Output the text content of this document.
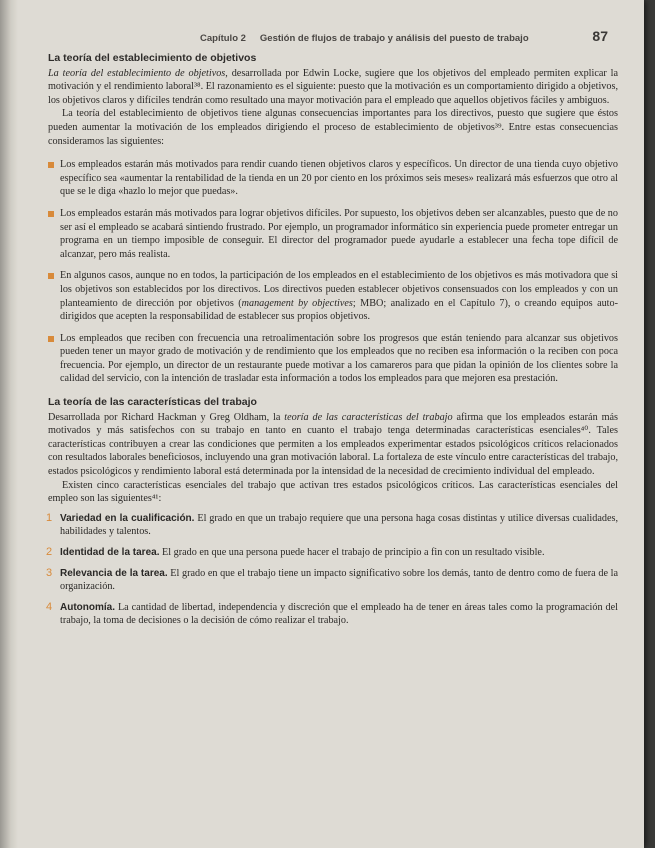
Capítulo 2 Gestión de flujos de trabajo y análisis del puesto de trabajo	87
La teoría del establecimiento de objetivos

La teoría del establecimiento de objetivos, desarrollada por Edwin Locke, sugiere que los objetivos del empleado permiten explicar la motivación y el rendimiento laboral³⁸. El razonamiento es el siguiente: puesto que la motivación es un comportamiento dirigido a objetivos, los objetivos claros y difíciles tendrán como resultado una mayor motivación para el empleado que aquellos objetivos fáciles y ambiguos.

La teoría del establecimiento de objetivos tiene algunas consecuencias importantes para los directivos, puesto que sugiere que éstos pueden aumentar la motivación de los empleados dirigiendo el proceso de establecimiento de objetivos³⁹. Entre estas consecuencias consideramos las siguientes:

Los empleados estarán más motivados para rendir cuando tienen objetivos claros y específicos. Un director de una tienda cuyo objetivo específico sea «aumentar la rentabilidad de la tienda en un 20 por ciento en los próximos seis meses» realizará más esfuerzos que otro al que se le diga «hazlo lo mejor que puedas».
Los empleados estarán más motivados para lograr objetivos difíciles. Por supuesto, los objetivos deben ser alcanzables, puesto que de no ser así el empleado se acabará sintiendo frustrado. Por ejemplo, un programador informático sin experiencia puede prometer entregar un programa en un tiempo imposible de conseguir. El director del programador puede ayudarle a establecer una fecha tope difícil de alcanzar, pero más realista.
En algunos casos, aunque no en todos, la participación de los empleados en el establecimiento de los objetivos es más motivadora que si los objetivos son establecidos por los directivos. Los directivos pueden establecer objetivos consensuados con los empleados y con un planteamiento de dirección por objetivos (management by objectives; MBO; analizado en el Capítulo 7), o creando equipos auto-dirigidos que acepten la responsabilidad de establecer sus propios objetivos.
Los empleados que reciben con frecuencia una retroalimentación sobre los progresos que están teniendo para alcanzar sus objetivos pueden tener un mayor grado de motivación y de rendimiento que los empleados que no reciben esa información o la reciben con poca frecuencia. Por ejemplo, un director de un restaurante puede motivar a los camareros para que pidan la opinión de los clientes sobre la calidad del servicio, con la intención de trasladar esta información a todos los empleados para que mejoren esa prestación.
La teoría de las características del trabajo

Desarrollada por Richard Hackman y Greg Oldham, la teoría de las características del trabajo afirma que los empleados estarán más motivados y más satisfechos con su trabajo en tanto en cuanto el trabajo tenga determinadas características esenciales⁴⁰. Tales características contribuyen a crear las condiciones que permiten a los empleados experimentar estados psicológicos críticos relacionados con resultados laborales beneficiosos, incluyendo una gran motivación laboral. La fortaleza de este vínculo entre características del trabajo, estados psicológicos y rendimiento laboral está determinada por la intensidad de la necesidad de crecimiento individual del empleado.

Existen cinco características esenciales del trabajo que activan tres estados psicológicos críticos. Las características esenciales del empleo son las siguientes⁴¹:

1 Variedad en la cualificación. El grado en que un trabajo requiere que una persona haga cosas distintas y utilice diversas cualidades, habilidades y talentos.
2 Identidad de la tarea. El grado en que una persona puede hacer el trabajo de principio a fin con un resultado visible.
3 Relevancia de la tarea. El grado en que el trabajo tiene un impacto significativo sobre los demás, tanto de dentro como de fuera de la organización.
4 Autonomía. La cantidad de libertad, independencia y discreción que el empleado ha de tener en áreas tales como la programación del trabajo, la toma de decisiones o la decisión de cómo realizar el trabajo.
